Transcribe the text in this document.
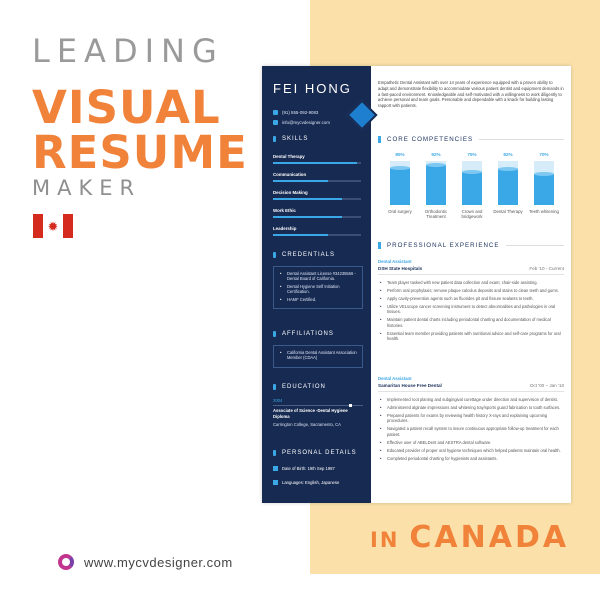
LEADING
VISUAL
RESUME
MAKER
✹
FEI HONG
(91) 555-092-9083
info@mycvdesigner.com
SKILLS
Dental Therapy
Communication
Decision Making
Work Ethic
Leadership
CREDENTIALS
• Dental Assistant License #34235566 - Dental Board of California.
• Dental Hygiene Self Initiation Certification.
• HAMF Certified.
AFFILIATIONS
• California Dental Assistant Association Member (CDAA)
EDUCATION
2004
Associate of Science -Dental Hygiene Diploma
Carrington College, Sacramento, CA
PERSONAL DETAILS
Date of Birth: 19th Sep 1987
Languages: English, Japanese
Empathetic Dental Assistant with over 14 years of experience equipped with a proven ability to adapt and demonstrate flexibility to accommodate various patient dentist and equipment demands in a fast-paced environment. Knowledgeable and self-motivated with a willingness to work diligently to achieve personal and team goals. Personable and dependable with a knack for building lasting rapport with patients.
CORE COMPETENCIES
85%
Oral surgery
92%
Orthodontic Treatment
75%
Crown and bridgework
82%
Dental Therapy
70%
Teeth whitening
PROFESSIONAL EXPERIENCE
Dental Assistant
DSH State Hospitals	Feb '10 - Current
• Team player tasked with new patient data collection and exam; chair-side assisting.
• Perform oral prophylaxis; remove plaque calculus deposits and stains to clean teeth and gums.
• Apply cavity-prevention agents such as fluorides pit and fissure sealants to teeth.
• Utilize VELscope cancer screening instrument to detect abnormalities and pathologies in oral tissues.
• Maintain patient dental charts including periodontal charting and documentation of medical histories.
• Essential team member providing patients with nutritional advice and self-care programs for oral health.
Dental Assistant
Samaritan House Free Dental	Oct '00 – Jan '10
• Implemented root planing and subgingival curettage under direction and supervision of dentist.
• Administered alginate impressions and whitening tray/sports guard fabrication to tooth surfaces.
• Prepared patients for exams by reviewing health history X-rays and explaining upcoming procedures.
• Navigated a patient recall system to insure continuous appropriate follow-up treatment for each patient.
• Effective user of ABELDent and AESTRA dental software.
• Educated provider of proper oral hygiene techniques which helped patients maintain oral health.
• Completed periodontal charting for hygienists and assistants.
IN CANADA
www.mycvdesigner.com
